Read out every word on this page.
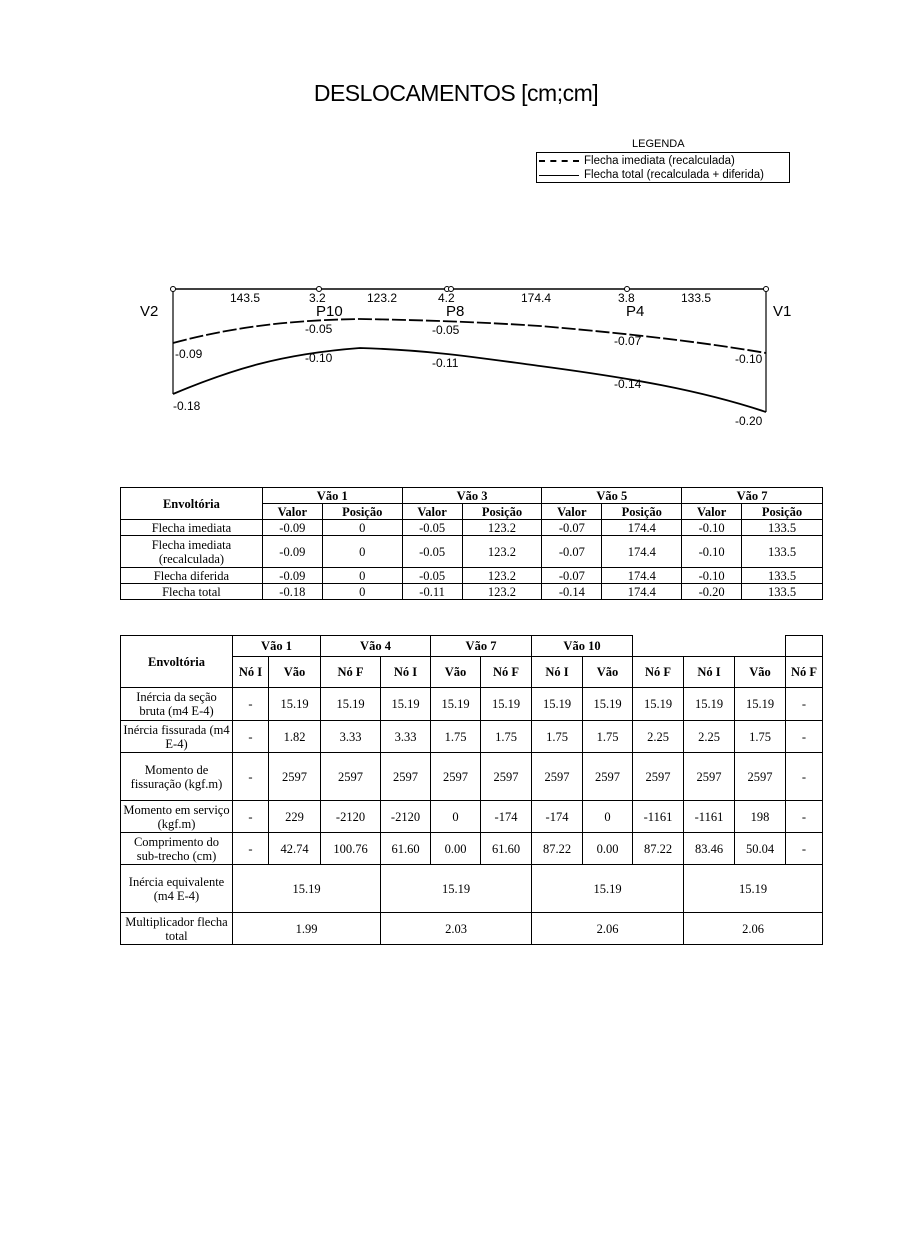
DESLOCAMENTOS [cm;cm]
LEGENDA
Flecha imediata (recalculada)
Flecha total (recalculada + diferida)
V2	P10	P8	P4	V1
143.5	3.2	123.2	4.2	174.4	3.8	133.5
-0.09
-0.05	-0.05
-0.07
-0.10
-0.18
-0.10	-0.11
-0.14
-0.20
Envoltória	Vão 1		Vão 3		Vão 5		Vão 7	
	Valor	Posição	Valor	Posição	Valor	Posição	Valor	Posição
Flecha imediata	-0.09	0	-0.05	123.2	-0.07	174.4	-0.10	133.5
Flecha imediata (recalculada)	-0.09	0	-0.05	123.2	-0.07	174.4	-0.10	133.5
Flecha diferida	-0.09	0	-0.05	123.2	-0.07	174.4	-0.10	133.5
Flecha total	-0.18	0	-0.11	123.2	-0.14	174.4	-0.20	133.5
Envoltória	Vão 1		Vão 4		Vão 7		Vão 10					
	Nó I	Vão	Nó F	Nó I	Vão	Nó F	Nó I	Vão	Nó F	Nó I	Vão	Nó F
Inércia da seção bruta (m4 E-4)	-	15.19	15.19	15.19	15.19	15.19	15.19	15.19	15.19	15.19	15.19	-
Inércia fissurada (m4 E-4)	-	1.82	3.33	3.33	1.75	1.75	1.75	1.75	2.25	2.25	1.75	-
Momento de fissuração (kgf.m)	-	2597	2597	2597	2597	2597	2597	2597	2597	2597	2597	-
Momento em serviço (kgf.m)	-	229	-2120	-2120	0	-174	-174	0	-1161	-1161	198	-
Comprimento do sub-trecho (cm)	-	42.74	100.76	61.60	0.00	61.60	87.22	0.00	87.22	83.46	50.04	-
Inércia equivalente (m4 E-4)	15.19			15.19			15.19			15.19		
Multiplicador flecha total	1.99			2.03			2.06			2.06		
